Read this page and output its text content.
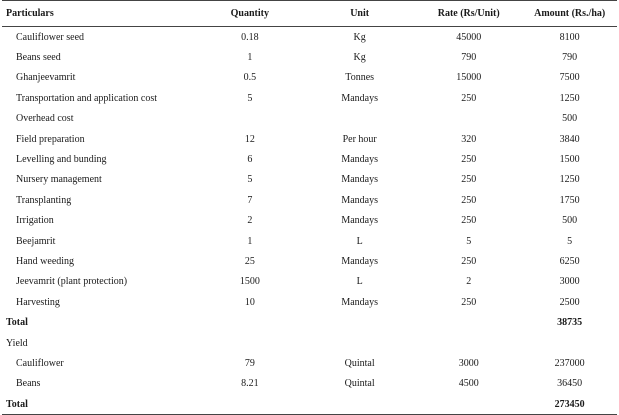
Particulars	Quantity	Unit	Rate (Rs/Unit)	Amount (Rs./ha)
Cauliflower seed	0.18	Kg	45000	8100
Beans seed	1	Kg	790	790
Ghanjeevamrit	0.5	Tonnes	15000	7500
Transportation and application cost	5	Mandays	250	1250
Overhead cost				500
Field preparation	12	Per hour	320	3840
Levelling and bunding	6	Mandays	250	1500
Nursery management	5	Mandays	250	1250
Transplanting	7	Mandays	250	1750
Irrigation	2	Mandays	250	500
Beejamrit	1	L	5	5
Hand weeding	25	Mandays	250	6250
Jeevamrit (plant protection)	1500	L	2	3000
Harvesting	10	Mandays	250	2500
Total				38735
Yield				
Cauliflower	79	Quintal	3000	237000
Beans	8.21	Quintal	4500	36450
Total				273450
